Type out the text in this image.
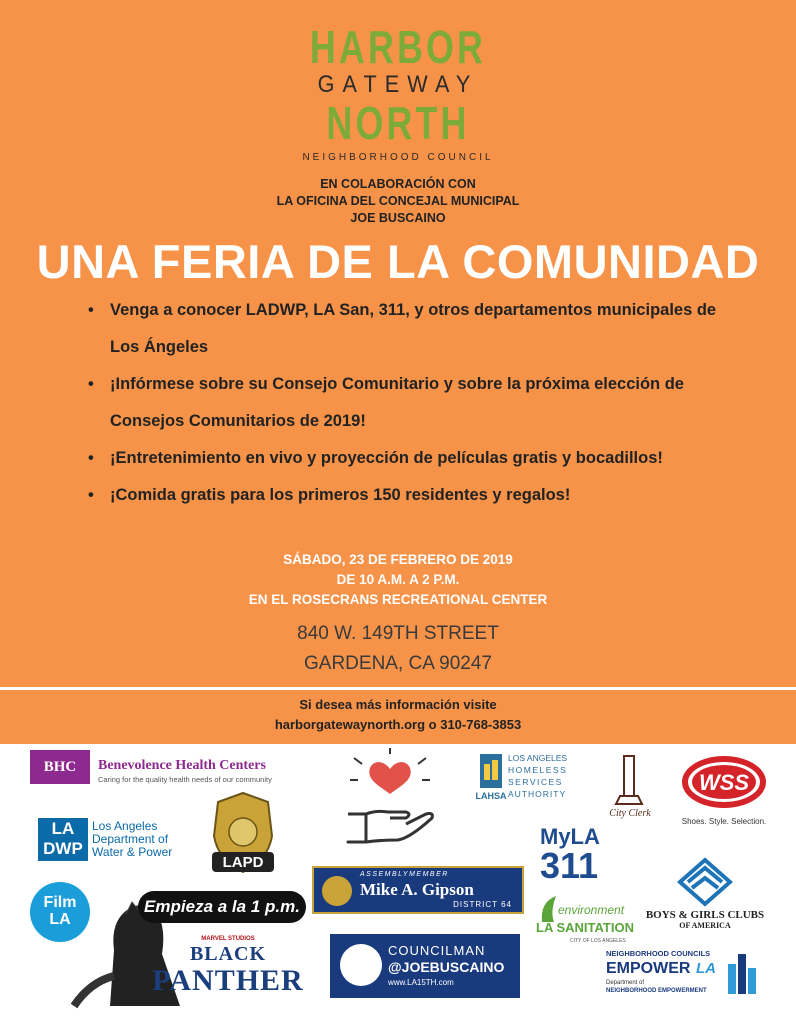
HARBOR
GATEWAY
NORTH
NEIGHBORHOOD COUNCIL
EN COLABORACIÓN CON
LA OFICINA DEL CONCEJAL MUNICIPAL
JOE BUSCAINO
UNA FERIA DE LA COMUNIDAD
• Venga a conocer LADWP, LA San, 311, y otros departamentos municipales de Los Ángeles
• ¡Infórmese sobre su Consejo Comunitario y sobre la próxima elección de Consejos Comunitarios de 2019!
• ¡Entretenimiento en vivo y proyección de películas gratis y bocadillos!
• ¡Comida gratis para los primeros 150 residentes y regalos!
SÁBADO, 23 DE FEBRERO DE 2019
DE 10 A.M. A 2 P.M.
EN EL ROSECRANS RECREATIONAL CENTER
840 W. 149TH STREET
GARDENA, CA 90247
Si desea más información visite
harborgatewaynorth.org o 310-768-3853
BHC	Benevolence Health Centers
Caring for the quality health needs of our community
LA
DWP
Los Angeles Department of Water & Power
LAPD
LAHSA
LOS ANGELES
HOMELESS
SERVICES
AUTHORITY
City Clerk
WSS
Shoes. Style. Selection.
MyLA
311
ASSEMBLYMEMBER
Mike A. Gipson
DISTRICT 64
MARVEL STUDIOS
BLACK
PANTHER
Empieza a la 1 p.m.
Film
LA
COUNCILMAN
@JOEBUSCAINO
www.LA15TH.com
environment
LA SANITATION
CITY OF LOS ANGELES
BOYS & GIRLS CLUBS
OF AMERICA
NEIGHBORHOOD COUNCILS
EMPOWER LA
Department of
NEIGHBORHOOD EMPOWERMENT
